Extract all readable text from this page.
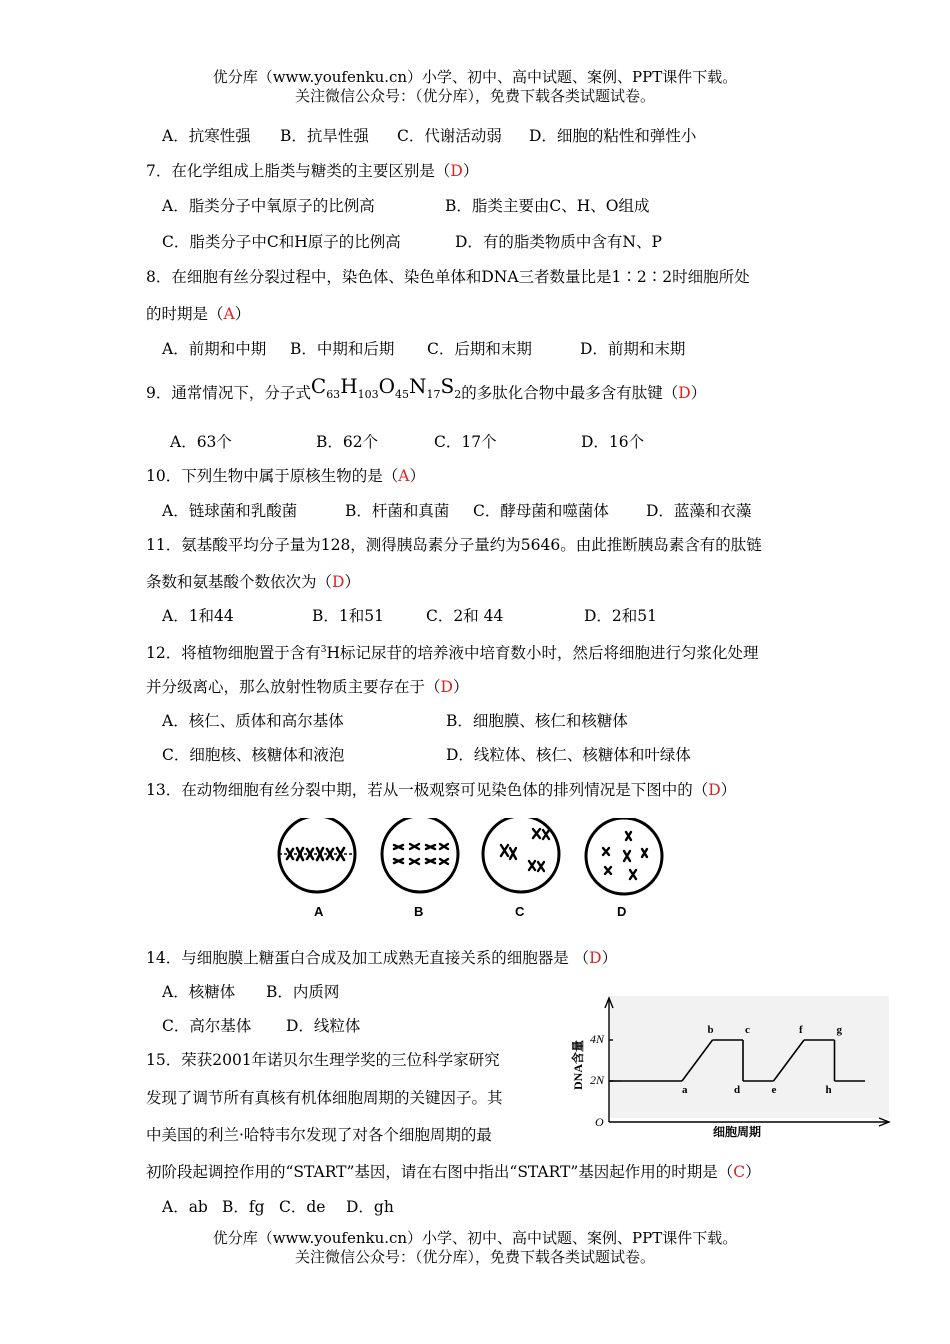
优分库（www.youfenku.cn）小学、初中、高中试题、案例、PPT课件下载。
关注微信公众号：（优分库），免费下载各类试题试卷。
A．抗寒性强 B．抗旱性强 C．代谢活动弱 D．细胞的粘性和弹性小
7．在化学组成上脂类与糖类的主要区别是（D）
A．脂类分子中氧原子的比例高	B．脂类主要由C、H、O组成
C．脂类分子中C和H原子的比例高	D．有的脂类物质中含有N、P
8．在细胞有丝分裂过程中，染色体、染色单体和DNA三者数量比是1∶2∶2时细胞所处
的时期是（A）
A．前期和中期 B．中期和后期 C．后期和末期	D．前期和末期
9．通常情况下，分子式$C_{63}H_{103}O_{45}N_{17}S_2$的多肽化合物中最多含有肽键（D）
A．63个	B．62个	C．17个	D．16个
10．下列生物中属于原核生物的是（A）
A．链球菌和乳酸菌	B．杆菌和真菌 C．酵母菌和噬菌体 D．蓝藻和衣藻
11．氨基酸平均分子量为128，测得胰岛素分子量约为5646。由此推断胰岛素含有的肽链
条数和氨基酸个数依次为（D）
A．1和44	B．1和51	C．2和 44	D．2和51
12．将植物细胞置于含有$^3$H标记尿苷的培养液中培育数小时，然后将细胞进行匀浆化处理
并分级离心，那么放射性物质主要存在于（D）
A．核仁、质体和高尔基体	B．细胞膜、核仁和核糖体
C．细胞核、核糖体和液泡	D．线粒体、核仁、核糖体和叶绿体
13．在动物细胞有丝分裂中期，若从一极观察可见染色体的排列情况是下图中的（D）
A	B	C	D
14．与细胞膜上糖蛋白合成及加工成熟无直接关系的细胞器是 （D）
A．核糖体 B．内质网
C．高尔基体 D．线粒体
15．荣获2001年诺贝尔生理学奖的三位科学家研究
发现了调节所有真核有机体细胞周期的关键因子。其
中美国的利兰·哈特韦尔发现了对各个细胞周期的最
初阶段起调控作用的“START”基因，请在右图中指出“START”基因起作用的时期是（C）
A．ab B．fg C．de D．gh
DNA含量
细胞周期
O
2N
4N
a
b	c
d	e
f	g
h
优分库（www.youfenku.cn）小学、初中、高中试题、案例、PPT课件下载。
关注微信公众号：（优分库），免费下载各类试题试卷。
